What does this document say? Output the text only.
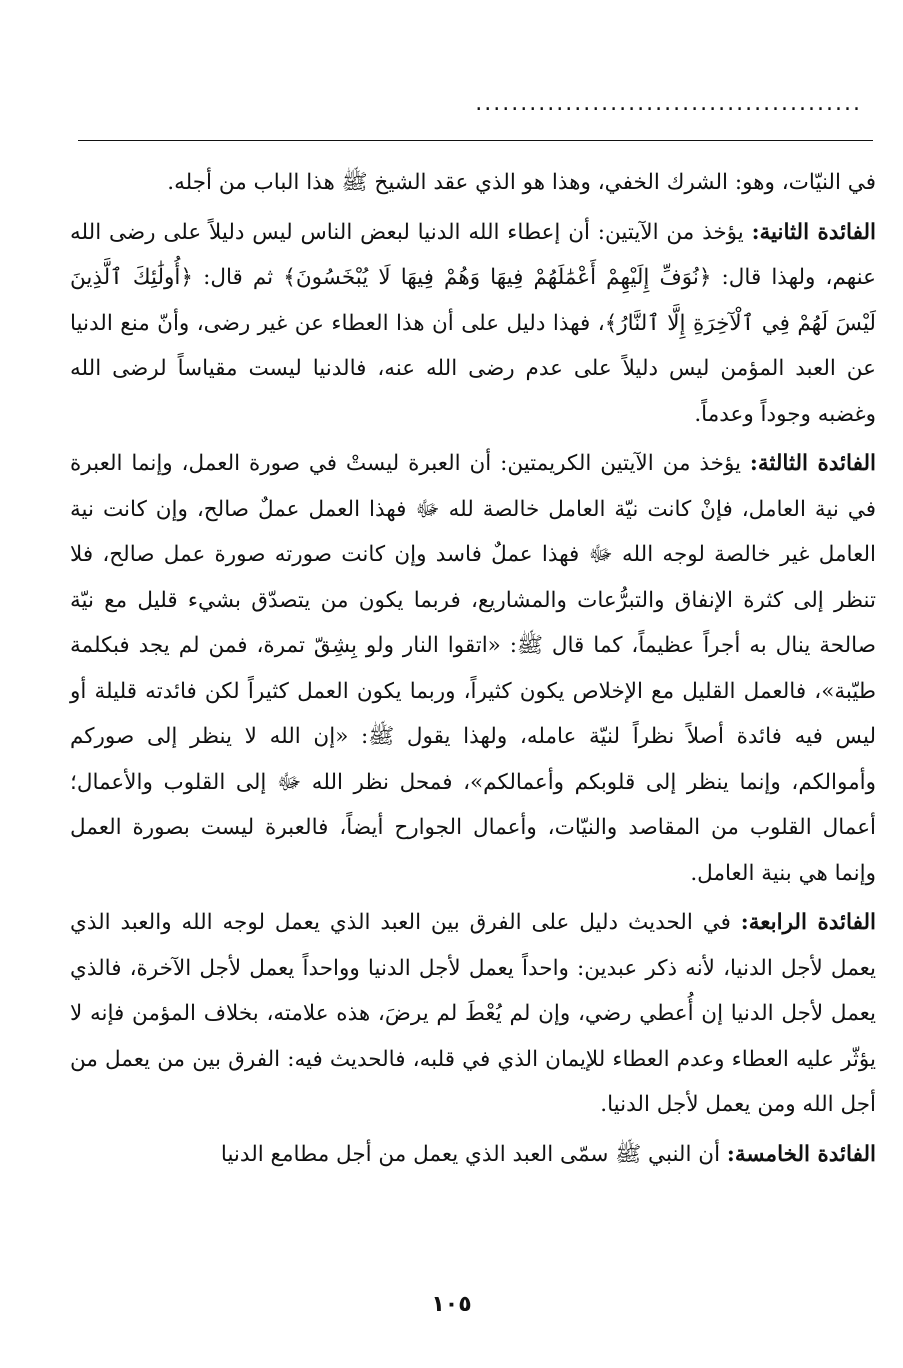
...........................................

في النيّات، وهو: الشرك الخفي، وهذا هو الذي عقد الشيخ ﷺ هذا الباب من أجله.

الفائدة الثانية: يؤخذ من الآيتين: أن إعطاء الله الدنيا لبعض الناس ليس دليلاً على رضى الله عنهم، ولهذا قال: ﴿نُوَفِّ إِلَيْهِمْ أَعْمَٰلَهُمْ فِيهَا وَهُمْ فِيهَا لَا يُبْخَسُونَ﴾ ثم قال: ﴿أُولَٰئِكَ ٱلَّذِينَ لَيْسَ لَهُمْ فِي ٱلْآخِرَةِ إِلَّا ٱلنَّارُ﴾، فهذا دليل على أن هذا العطاء عن غير رضى، وأنّ منع الدنيا عن العبد المؤمن ليس دليلاً على عدم رضى الله عنه، فالدنيا ليست مقياساً لرضى الله وغضبه وجوداً وعدماً.

الفائدة الثالثة: يؤخذ من الآيتين الكريمتين: أن العبرة ليستْ في صورة العمل، وإنما العبرة في نية العامل، فإنْ كانت نيّة العامل خالصة لله ﷻ فهذا العمل عملٌ صالح، وإن كانت نية العامل غير خالصة لوجه الله ﷻ فهذا عملٌ فاسد وإن كانت صورته صورة عمل صالح، فلا تنظر إلى كثرة الإنفاق والتبرُّعات والمشاريع، فربما يكون من يتصدّق بشيء قليل مع نيّة صالحة ينال به أجراً عظيماً، كما قال ﷺ: «اتقوا النار ولو بِشِقّ تمرة، فمن لم يجد فبكلمة طيّبة»، فالعمل القليل مع الإخلاص يكون كثيراً، وربما يكون العمل كثيراً لكن فائدته قليلة أو ليس فيه فائدة أصلاً نظراً لنيّة عامله، ولهذا يقول ﷺ: «إن الله لا ينظر إلى صوركم وأموالكم، وإنما ينظر إلى قلوبكم وأعمالكم»، فمحل نظر الله ﷻ إلى القلوب والأعمال؛ أعمال القلوب من المقاصد والنيّات، وأعمال الجوارح أيضاً، فالعبرة ليست بصورة العمل وإنما هي بنية العامل.

الفائدة الرابعة: في الحديث دليل على الفرق بين العبد الذي يعمل لوجه الله والعبد الذي يعمل لأجل الدنيا، لأنه ذكر عبدين: واحداً يعمل لأجل الدنيا وواحداً يعمل لأجل الآخرة، فالذي يعمل لأجل الدنيا إن أُعطي رضي، وإن لم يُعْطَ لم يرضَ، هذه علامته، بخلاف المؤمن فإنه لا يؤثّر عليه العطاء وعدم العطاء للإيمان الذي في قلبه، فالحديث فيه: الفرق بين من يعمل من أجل الله ومن يعمل لأجل الدنيا.

الفائدة الخامسة: أن النبي ﷺ سمّى العبد الذي يعمل من أجل مطامع الدنيا

١٠٥
